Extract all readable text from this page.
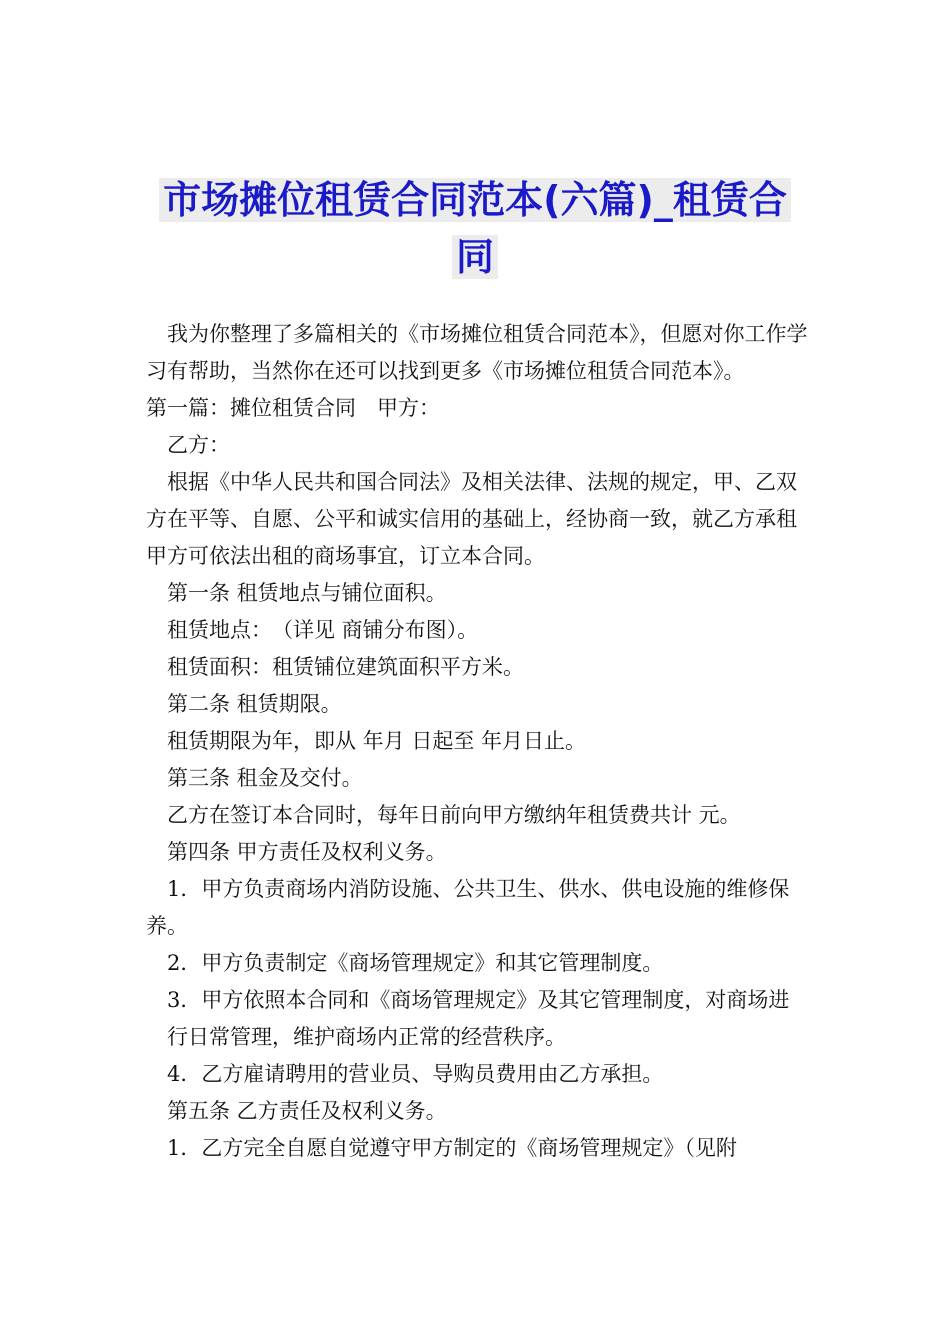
市场摊位租赁合同范本(六篇)_租赁合
同

我为你整理了多篇相关的《市场摊位租赁合同范本》，但愿对你工作学习有帮助，当然你在还可以找到更多《市场摊位租赁合同范本》。

第一篇：摊位租赁合同　甲方：

乙方：

根据《中华人民共和国合同法》及相关法律、法规的规定，甲、乙双方在平等、自愿、公平和诚实信用的基础上，经协商一致，就乙方承租甲方可依法出租的商场事宜，订立本合同。

第一条 租赁地点与铺位面积。

租赁地点：　（详见 商铺分布图）。

租赁面积：租赁铺位建筑面积平方米。

第二条 租赁期限。

租赁期限为年，即从 年月 日起至 年月日止。

第三条 租金及交付。

乙方在签订本合同时，每年日前向甲方缴纳年租赁费共计 元。

第四条 甲方责任及权利义务。

1．甲方负责商场内消防设施、公共卫生、供水、供电设施的维修保养。

2．甲方负责制定《商场管理规定》和其它管理制度。

3．甲方依照本合同和《商场管理规定》及其它管理制度，对商场进行日常管理，维护商场内正常的经营秩序。

4．乙方雇请聘用的营业员、导购员费用由乙方承担。

第五条 乙方责任及权利义务。

1．乙方完全自愿自觉遵守甲方制定的《商场管理规定》（见附
